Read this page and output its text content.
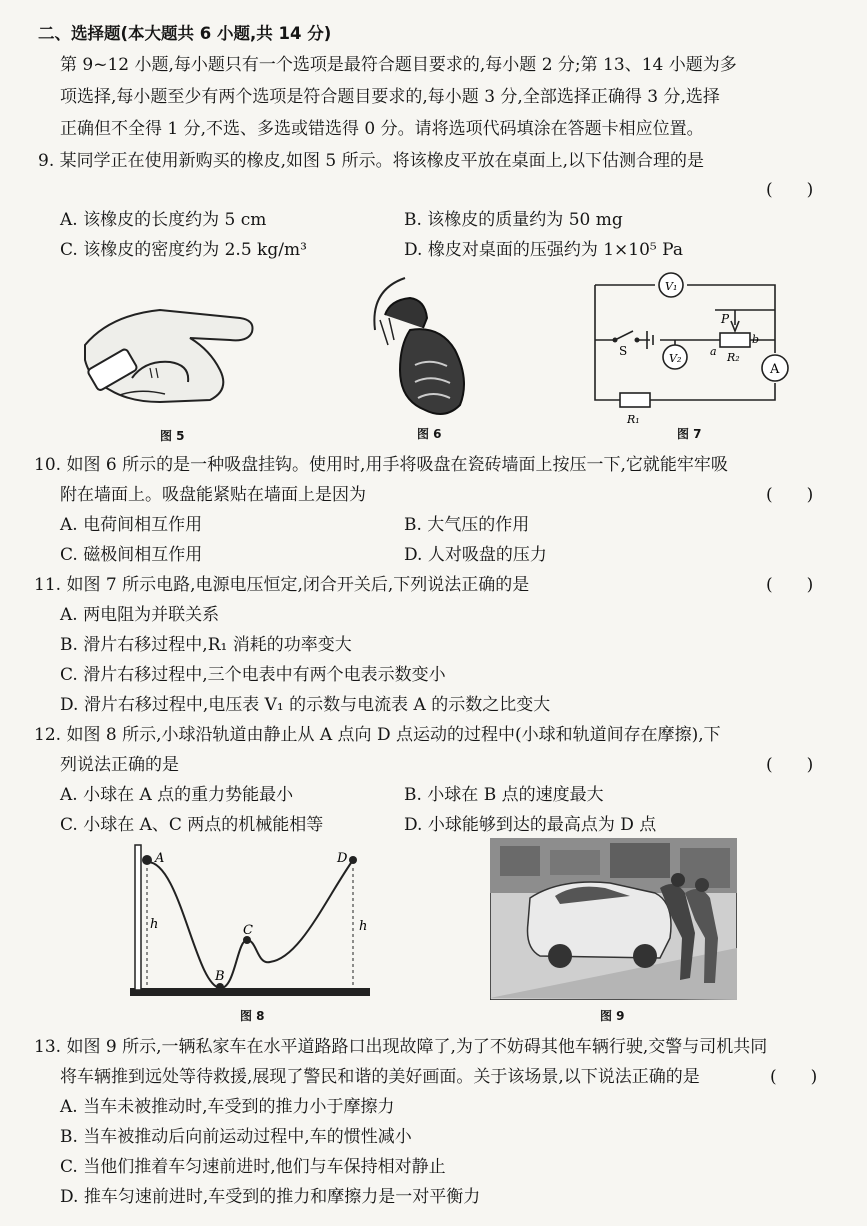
二、选择题(本大题共 6 小题,共 14 分)
第 9~12 小题,每小题只有一个选项是最符合题目要求的,每小题 2 分;第 13、14 小题为多
项选择,每小题至少有两个选项是符合题目要求的,每小题 3 分,全部选择正确得 3 分,选择
正确但不全得 1 分,不选、多选或错选得 0 分。请将选项代码填涂在答题卡相应位置。
9. 某同学正在使用新购买的橡皮,如图 5 所示。将该橡皮平放在桌面上,以下估测合理的是
(　　)
A. 该橡皮的长度约为 5 cm	B. 该橡皮的质量约为 50 mg
C. 该橡皮的密度约为 2.5 kg/m³	D. 橡皮对桌面的压强约为 1×10⁵ Pa
图 5	图 6
V₁
V₂
A
S
P
a
b
R₂
R₁
图 7
10. 如图 6 所示的是一种吸盘挂钩。使用时,用手将吸盘在瓷砖墙面上按压一下,它就能牢牢吸
附在墙面上。吸盘能紧贴在墙面上是因为	(　　)
A. 电荷间相互作用	B. 大气压的作用
C. 磁极间相互作用	D. 人对吸盘的压力
11. 如图 7 所示电路,电源电压恒定,闭合开关后,下列说法正确的是	(　　)
A. 两电阻为并联关系
B. 滑片右移过程中,R₁ 消耗的功率变大
C. 滑片右移过程中,三个电表中有两个电表示数变小
D. 滑片右移过程中,电压表 V₁ 的示数与电流表 A 的示数之比变大
12. 如图 8 所示,小球沿轨道由静止从 A 点向 D 点运动的过程中(小球和轨道间存在摩擦),下
列说法正确的是	(　　)
A. 小球在 A 点的重力势能最小	B. 小球在 B 点的速度最大
C. 小球在 A、C 两点的机械能相等	D. 小球能够到达的最高点为 D 点
A
B
C
D
h	h
图 8	图 9
13. 如图 9 所示,一辆私家车在水平道路路口出现故障了,为了不妨碍其他车辆行驶,交警与司机共同
将车辆推到远处等待救援,展现了警民和谐的美好画面。关于该场景,以下说法正确的是	(　　)
A. 当车未被推动时,车受到的推力小于摩擦力
B. 当车被推动后向前运动过程中,车的惯性减小
C. 当他们推着车匀速前进时,他们与车保持相对静止
D. 推车匀速前进时,车受到的推力和摩擦力是一对平衡力
